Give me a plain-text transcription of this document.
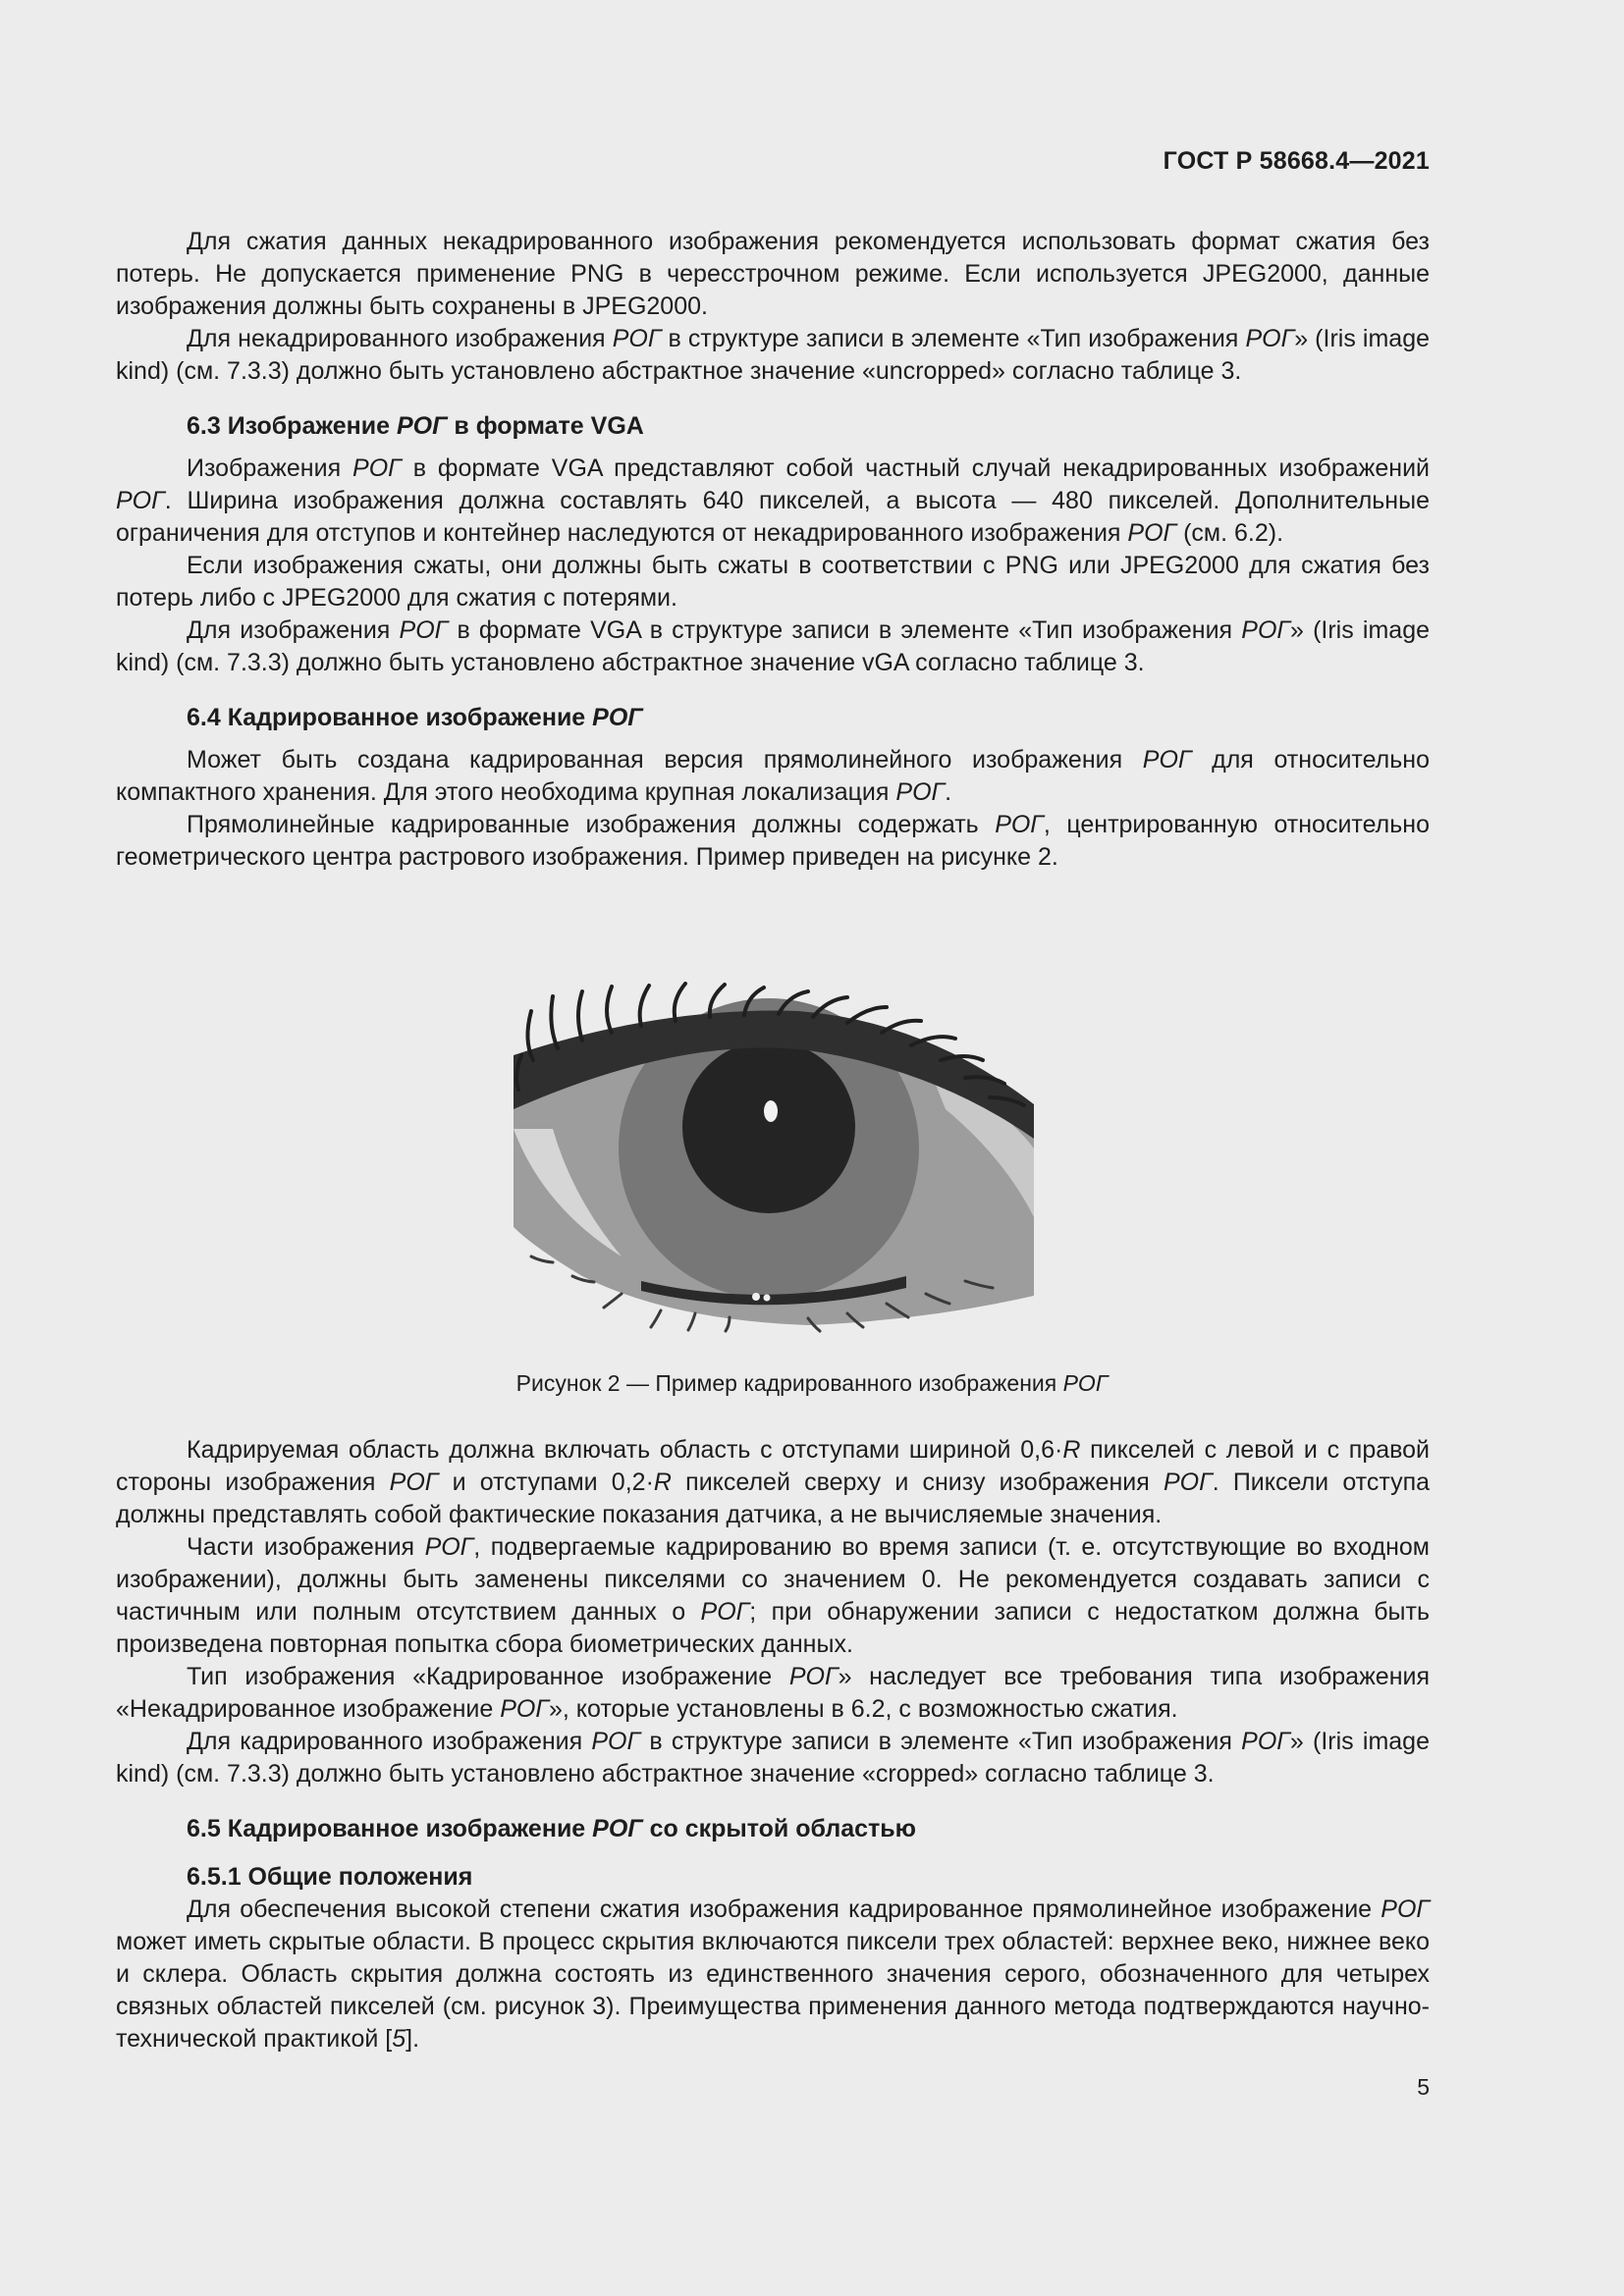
ГОСТ Р 58668.4—2021

Для сжатия данных некадрированного изображения рекомендуется использовать формат сжатия без потерь. Не допускается применение PNG в чересстрочном режиме. Если используется JPEG2000, данные изображения должны быть сохранены в JPEG2000.

Для некадрированного изображения РОГ в структуре записи в элементе «Тип изображения РОГ» (Iris image kind) (см. 7.3.3) должно быть установлено абстрактное значение «uncropped» согласно таблице 3.

6.3 Изображение РОГ в формате VGA

Изображения РОГ в формате VGA представляют собой частный случай некадрированных изображений РОГ. Ширина изображения должна составлять 640 пикселей, а высота — 480 пикселей. Дополнительные ограничения для отступов и контейнер наследуются от некадрированного изображения РОГ (см. 6.2).

Если изображения сжаты, они должны быть сжаты в соответствии с PNG или JPEG2000 для сжатия без потерь либо с JPEG2000 для сжатия с потерями.

Для изображения РОГ в формате VGA в структуре записи в элементе «Тип изображения РОГ» (Iris image kind) (см. 7.3.3) должно быть установлено абстрактное значение vGA согласно таблице 3.

6.4 Кадрированное изображение РОГ

Может быть создана кадрированная версия прямолинейного изображения РОГ для относительно компактного хранения. Для этого необходима крупная локализация РОГ.

Прямолинейные кадрированные изображения должны содержать РОГ, центрированную относительно геометрического центра растрового изображения. Пример приведен на рисунке 2.

Рисунок 2 — Пример кадрированного изображения РОГ

Кадрируемая область должна включать область с отступами шириной 0,6·R пикселей с левой и с правой стороны изображения РОГ и отступами 0,2·R пикселей сверху и снизу изображения РОГ. Пиксели отступа должны представлять собой фактические показания датчика, а не вычисляемые значения.

Части изображения РОГ, подвергаемые кадрированию во время записи (т. е. отсутствующие во входном изображении), должны быть заменены пикселями со значением 0. Не рекомендуется создавать записи с частичным или полным отсутствием данных о РОГ; при обнаружении записи с недостатком должна быть произведена повторная попытка сбора биометрических данных.

Тип изображения «Кадрированное изображение РОГ» наследует все требования типа изображения «Некадрированное изображение РОГ», которые установлены в 6.2, с возможностью сжатия.

Для кадрированного изображения РОГ в структуре записи в элементе «Тип изображения РОГ» (Iris image kind) (см. 7.3.3) должно быть установлено абстрактное значение «cropped» согласно таблице 3.

6.5 Кадрированное изображение РОГ со скрытой областью
6.5.1 Общие положения

Для обеспечения высокой степени сжатия изображения кадрированное прямолинейное изображение РОГ может иметь скрытые области. В процесс скрытия включаются пиксели трех областей: верхнее веко, нижнее веко и склера. Область скрытия должна состоять из единственного значения серого, обозначенного для четырех связных областей пикселей (см. рисунок 3). Преимущества применения данного метода подтверждаются научно-технической практикой [5].

5
